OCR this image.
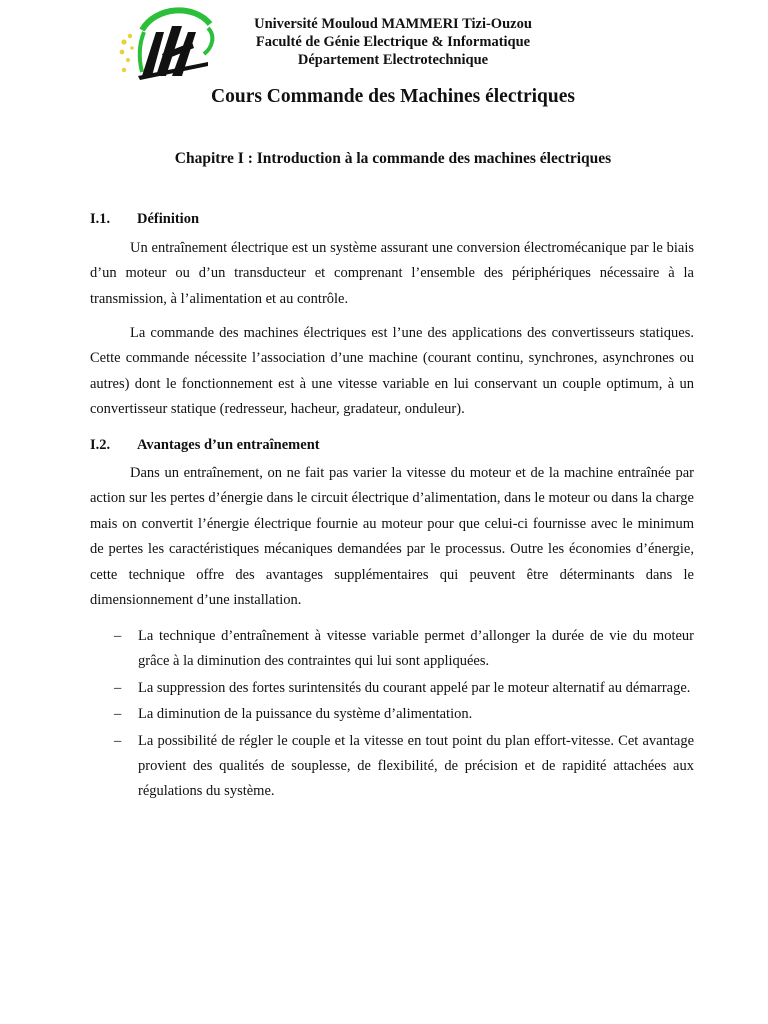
Université Mouloud MAMMERI Tizi-Ouzou
Faculté de Génie Electrique & Informatique
Département Electrotechnique
Cours Commande des Machines électriques
Chapitre I : Introduction à la commande des machines électriques
I.1. Définition

Un entraînement électrique est un système assurant une conversion électromécanique par le biais d’un moteur ou d’un transducteur et comprenant l’ensemble des périphériques nécessaire à la transmission, à l’alimentation et au contrôle.

La commande des machines électriques est l’une des applications des convertisseurs statiques. Cette commande nécessite l’association d’une machine (courant continu, synchrones, asynchrones ou autres) dont le fonctionnement est à une vitesse variable en lui conservant un couple optimum, à un convertisseur statique (redresseur, hacheur, gradateur, onduleur).

I.2. Avantages d’un entraînement

Dans un entraînement, on ne fait pas varier la vitesse du moteur et de la machine entraînée par action sur les pertes d’énergie dans le circuit électrique d’alimentation, dans le moteur ou dans la charge mais on convertit l’énergie électrique fournie au moteur pour que celui-ci fournisse avec le minimum de pertes les caractéristiques mécaniques demandées par le processus. Outre les économies d’énergie, cette technique offre des avantages supplémentaires qui peuvent être déterminants dans le dimensionnement d’une installation.

– La technique d’entraînement à vitesse variable permet d’allonger la durée de vie du moteur grâce à la diminution des contraintes qui lui sont appliquées.
– La suppression des fortes surintensités du courant appelé par le moteur alternatif au démarrage.
– La diminution de la puissance du système d’alimentation.
– La possibilité de régler le couple et la vitesse en tout point du plan effort-vitesse. Cet avantage provient des qualités de souplesse, de flexibilité, de précision et de rapidité attachées aux régulations du système.
